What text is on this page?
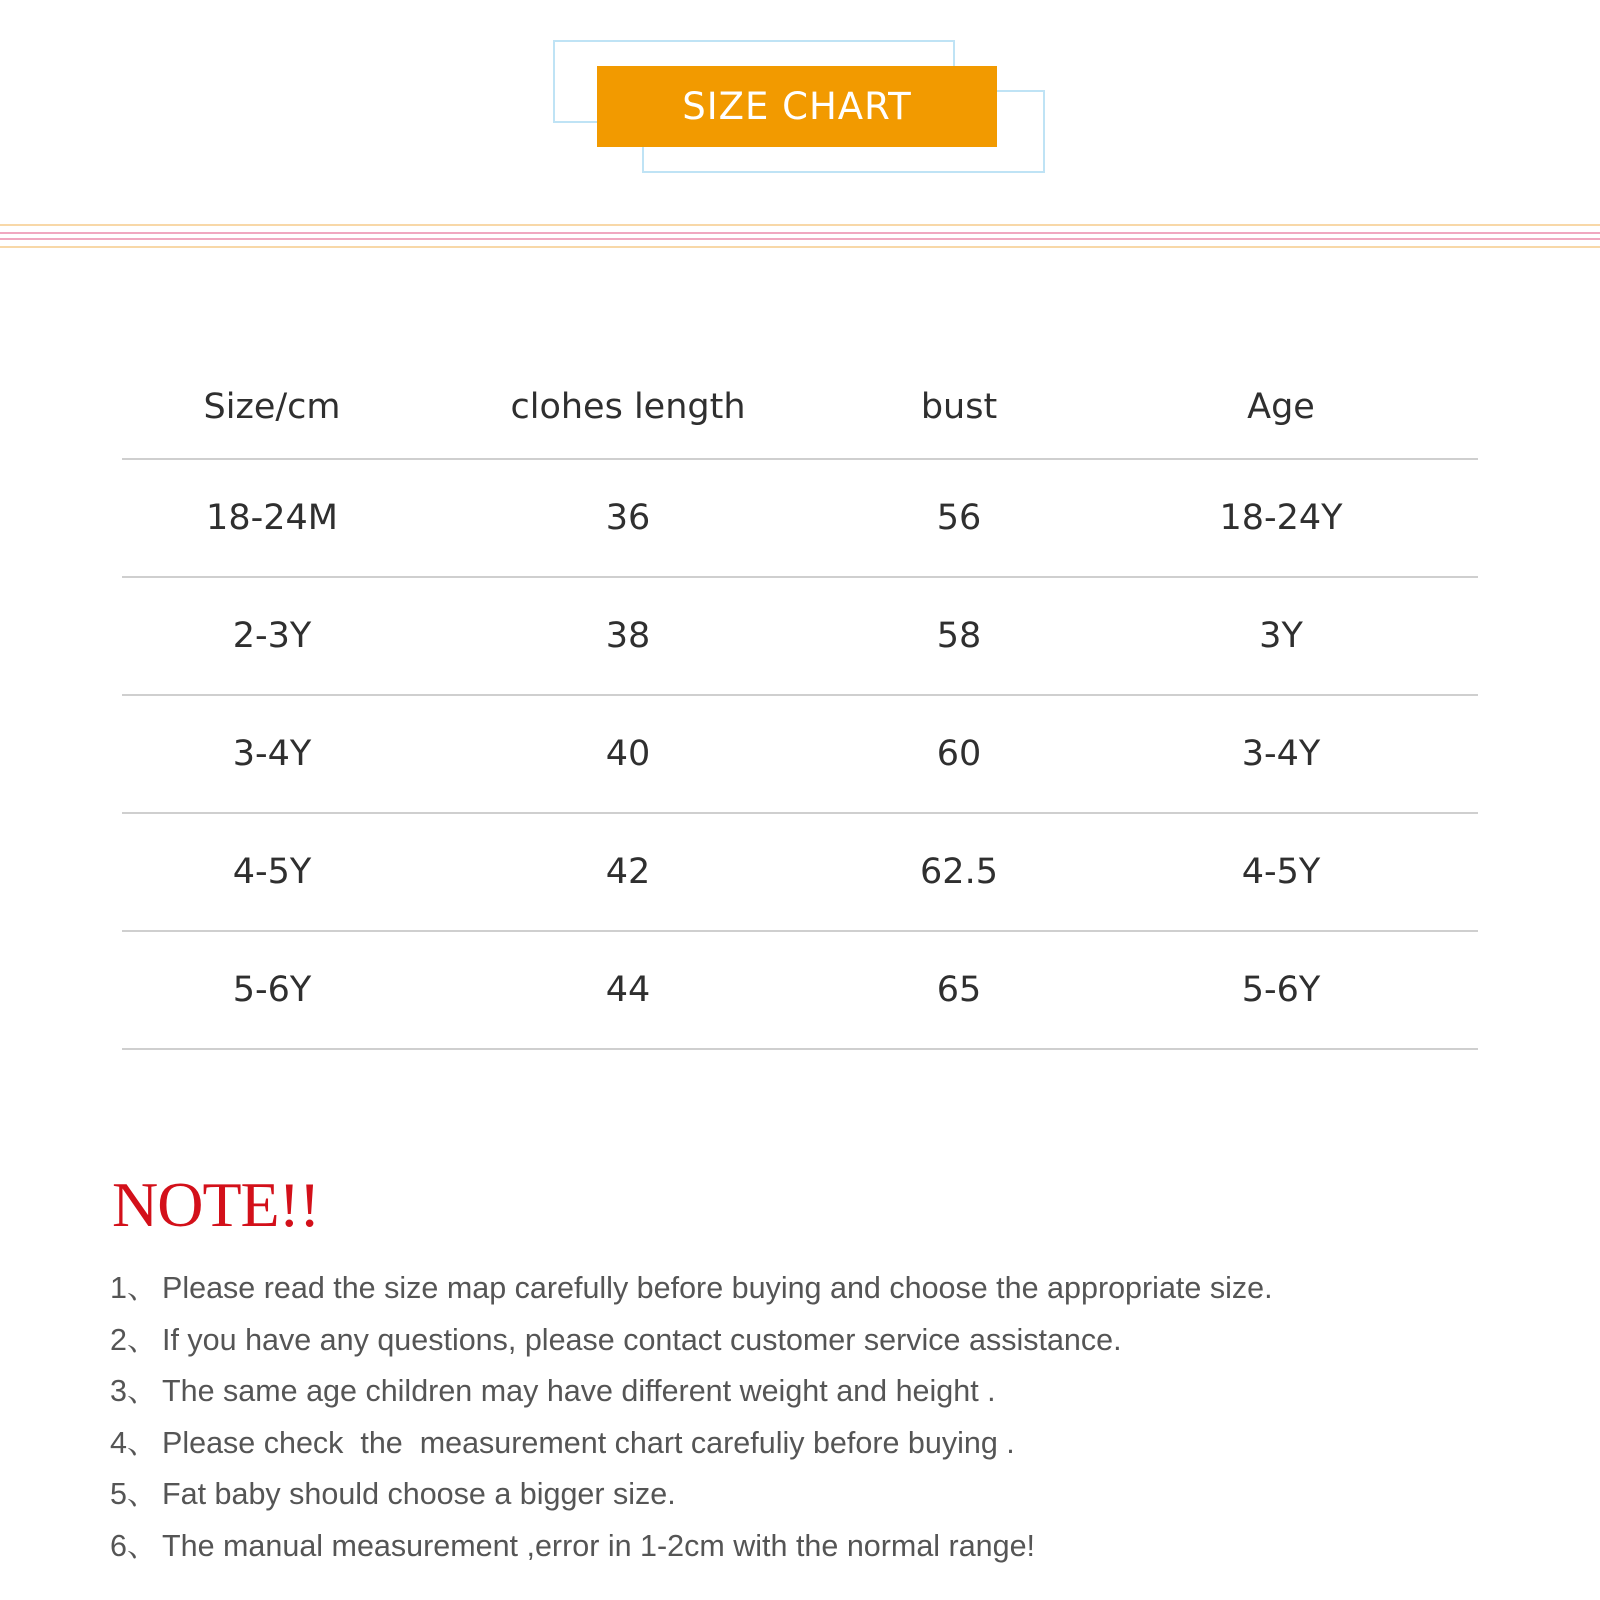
SIZE CHART
Size/cm	clohes length	bust	Age
18-24M	36	56	18-24Y
2-3Y	38	58	3Y
3-4Y	40	60	3-4Y
4-5Y	42	62.5	4-5Y
5-6Y	44	65	5-6Y
NOTE!!
1、 Please read the size map carefully before buying and choose the appropriate size.
2、 If you have any questions, please contact customer service assistance.
3、 The same age children may have different weight and height .
4、 Please check  the  measurement chart carefuliy before buying .
5、 Fat baby should choose a bigger size.
6、 The manual measurement ,error in 1-2cm with the normal range!
